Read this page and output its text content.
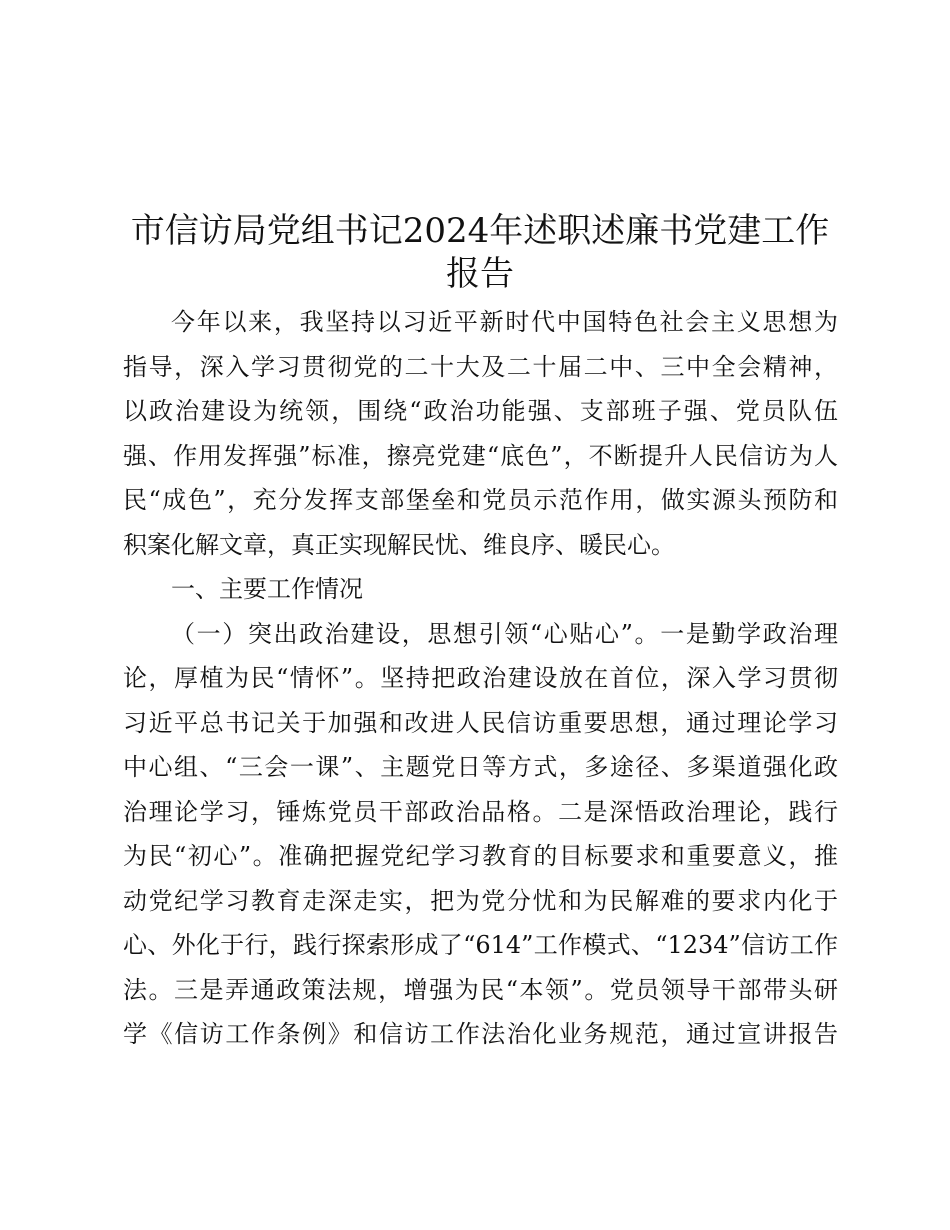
市信访局党组书记2024年述职述廉书党建工作
报告
今年以来，我坚持以习近平新时代中国特色社会主义思想为
指导，深入学习贯彻党的二十大及二十届二中、三中全会精神，
以政治建设为统领，围绕“政治功能强、支部班子强、党员队伍
强、作用发挥强”标准，擦亮党建“底色”，不断提升人民信访为人
民“成色”，充分发挥支部堡垒和党员示范作用，做实源头预防和
积案化解文章，真正实现解民忧、维良序、暖民心。
一、主要工作情况
（一）突出政治建设，思想引领“心贴心”。一是勤学政治理
论，厚植为民“情怀”。坚持把政治建设放在首位，深入学习贯彻
习近平总书记关于加强和改进人民信访重要思想，通过理论学习
中心组、“三会一课”、主题党日等方式，多途径、多渠道强化政
治理论学习，锤炼党员干部政治品格。二是深悟政治理论，践行
为民“初心”。准确把握党纪学习教育的目标要求和重要意义，推
动党纪学习教育走深走实，把为党分忧和为民解难的要求内化于
心、外化于行，践行探索形成了“614”工作模式、“1234”信访工作
法。三是弄通政策法规，增强为民“本领”。党员领导干部带头研
学《信访工作条例》和信访工作法治化业务规范，通过宣讲报告
